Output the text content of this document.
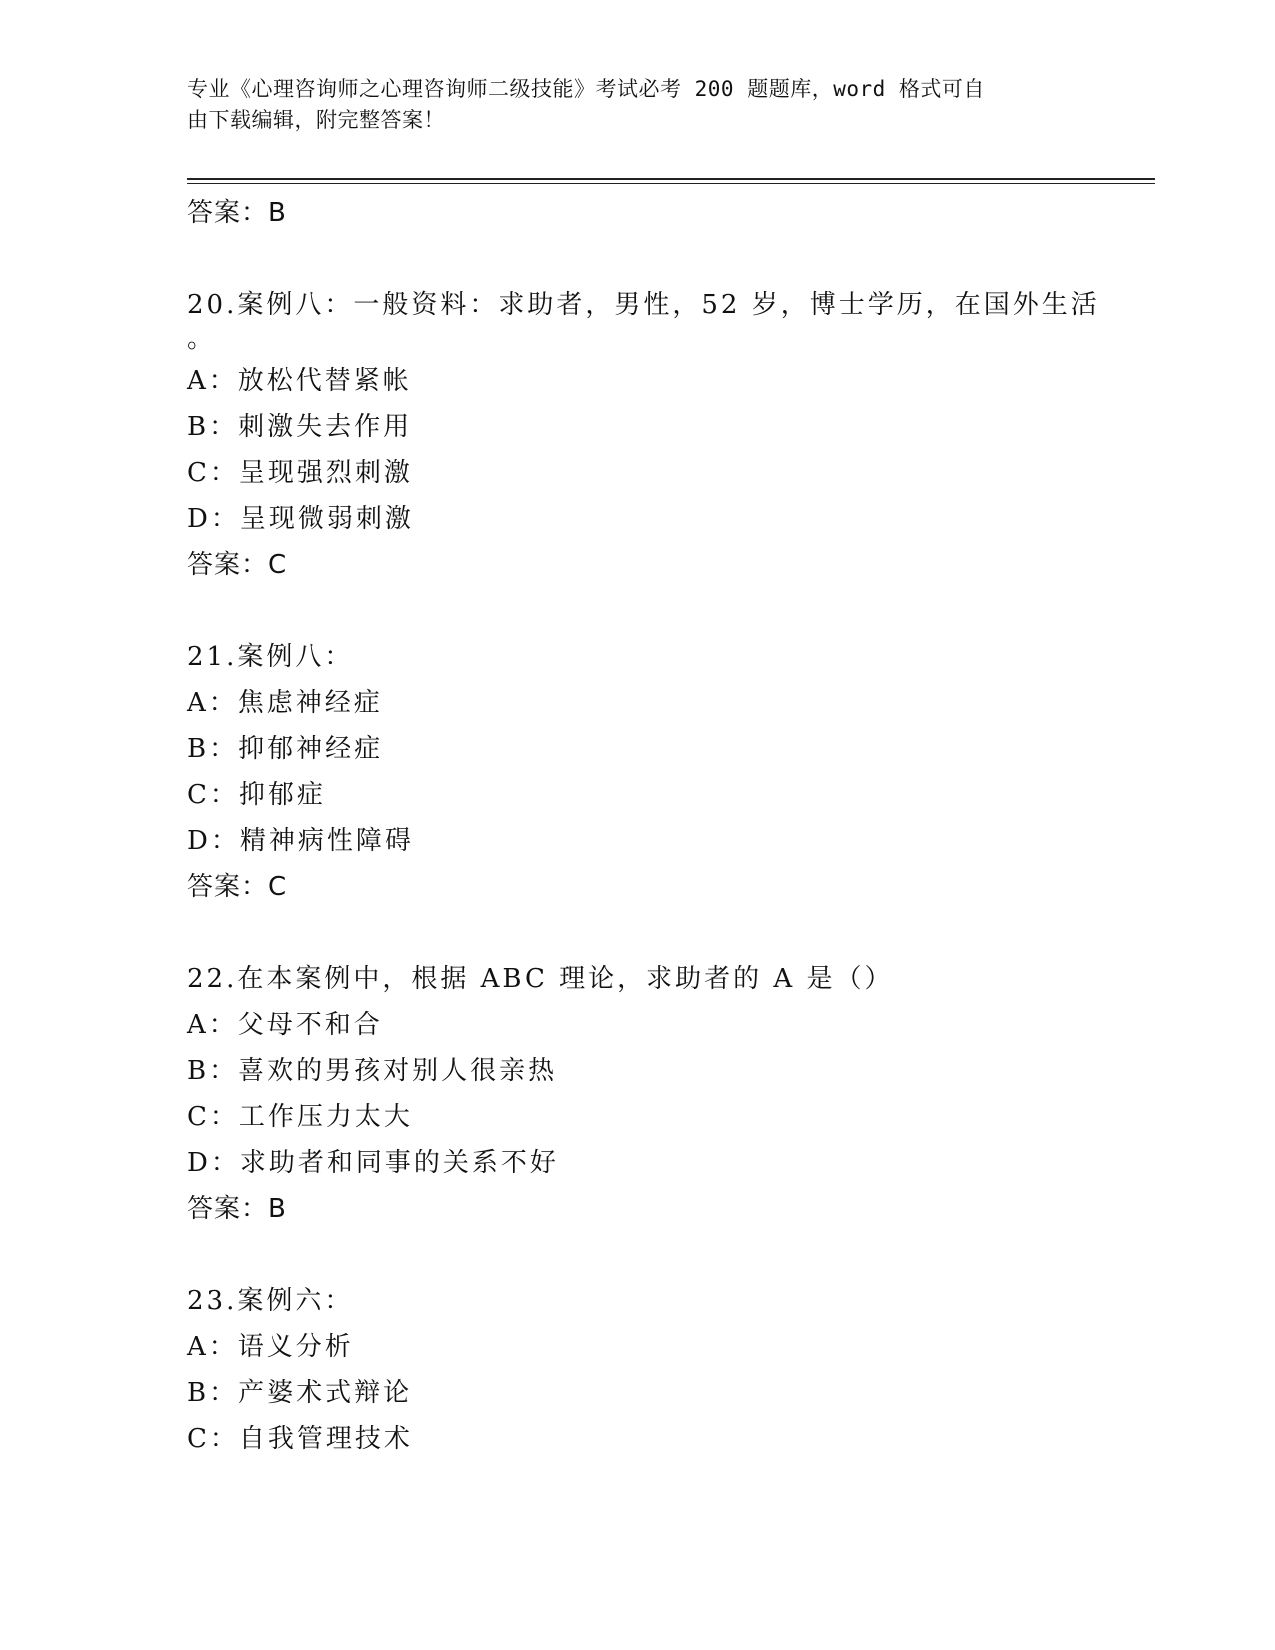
专业《心理咨询师之心理咨询师二级技能》考试必考 200 题题库，word 格式可自
由下载编辑，附完整答案！
答案：B
20.案例八：一般资料：求助者，男性，52 岁，博士学历，在国外生活
。
A：放松代替紧帐
B：刺激失去作用
C：呈现强烈刺激
D：呈现微弱刺激
答案：C
21.案例八：
A：焦虑神经症
B：抑郁神经症
C：抑郁症
D：精神病性障碍
答案：C
22.在本案例中，根据 ABC 理论，求助者的 A 是（）
A：父母不和合
B：喜欢的男孩对别人很亲热
C：工作压力太大
D：求助者和同事的关系不好
答案：B
23.案例六：
A：语义分析
B：产婆术式辩论
C：自我管理技术
